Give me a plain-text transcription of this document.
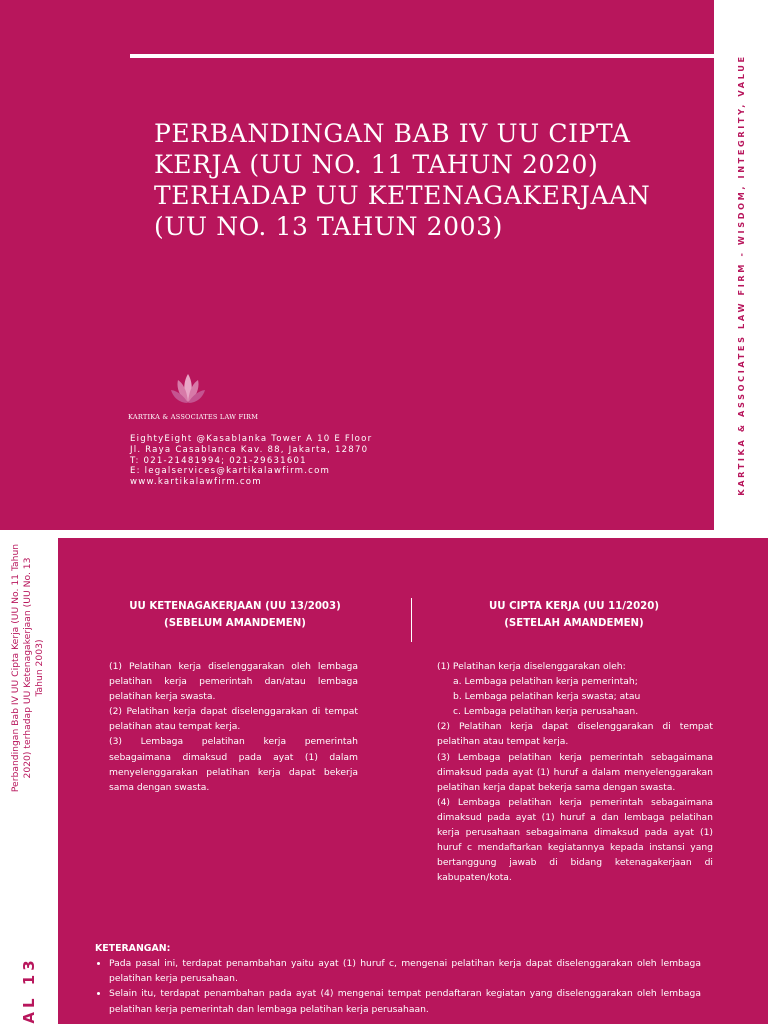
PERBANDINGAN BAB IV UU CIPTA KERJA (UU NO. 11 TAHUN 2020) TERHADAP UU KETENAGAKERJAAN (UU NO. 13 TAHUN 2003)
KARTIKA & ASSOCIATES LAW FIRM
EightyEight @Kasablanka Tower A 10 E Floor
Jl. Raya Casablanca Kav. 88, Jakarta, 12870
T: 021-21481994; 021-29631601
E: legalservices@kartikalawfirm.com
www.kartikalawfirm.com	KARTIKA & ASSOCIATES LAW FIRM - WISDOM, INTEGRITY, VALUE
Perbandingan Bab IV UU Cipta Kerja (UU No. 11 Tahun 2020) terhadap UU Ketenagakerjaan (UU No. 13 Tahun 2003)
AL 13
UU KETENAGAKERJAAN (UU 13/2003)
(SEBELUM AMANDEMEN)
UU CIPTA KERJA (UU 11/2020)
(SETELAH AMANDEMEN)

(1) Pelatihan kerja diselenggarakan oleh lembaga pelatihan kerja pemerintah dan/atau lembaga pelatihan kerja swasta.

(2) Pelatihan kerja dapat diselenggarakan di tempat pelatihan atau tempat kerja.

(3) Lembaga pelatihan kerja pemerintah sebagaimana dimaksud pada ayat (1) dalam menyelenggarakan pelatihan kerja dapat bekerja sama dengan swasta.

(1) Pelatihan kerja diselenggarakan oleh:

a. Lembaga pelatihan kerja pemerintah;

b. Lembaga pelatihan kerja swasta; atau

c. Lembaga pelatihan kerja perusahaan.

(2) Pelatihan kerja dapat diselenggarakan di tempat pelatihan atau tempat kerja.

(3) Lembaga pelatihan kerja pemerintah sebagaimana dimaksud pada ayat (1) huruf a dalam menyelenggarakan pelatihan kerja dapat bekerja sama dengan swasta.

(4) Lembaga pelatihan kerja pemerintah sebagaimana dimaksud pada ayat (1) huruf a dan lembaga pelatihan kerja perusahaan sebagaimana dimaksud pada ayat (1) huruf c mendaftarkan kegiatannya kepada instansi yang bertanggung jawab di bidang ketenagakerjaan di kabupaten/kota.

KETERANGAN:
• Pada pasal ini, terdapat penambahan yaitu ayat (1) huruf c, mengenai pelatihan kerja dapat diselenggarakan oleh lembaga pelatihan kerja perusahaan.
• Selain itu, terdapat penambahan pada ayat (4) mengenai tempat pendaftaran kegiatan yang diselenggarakan oleh lembaga pelatihan kerja pemerintah dan lembaga pelatihan kerja perusahaan.
